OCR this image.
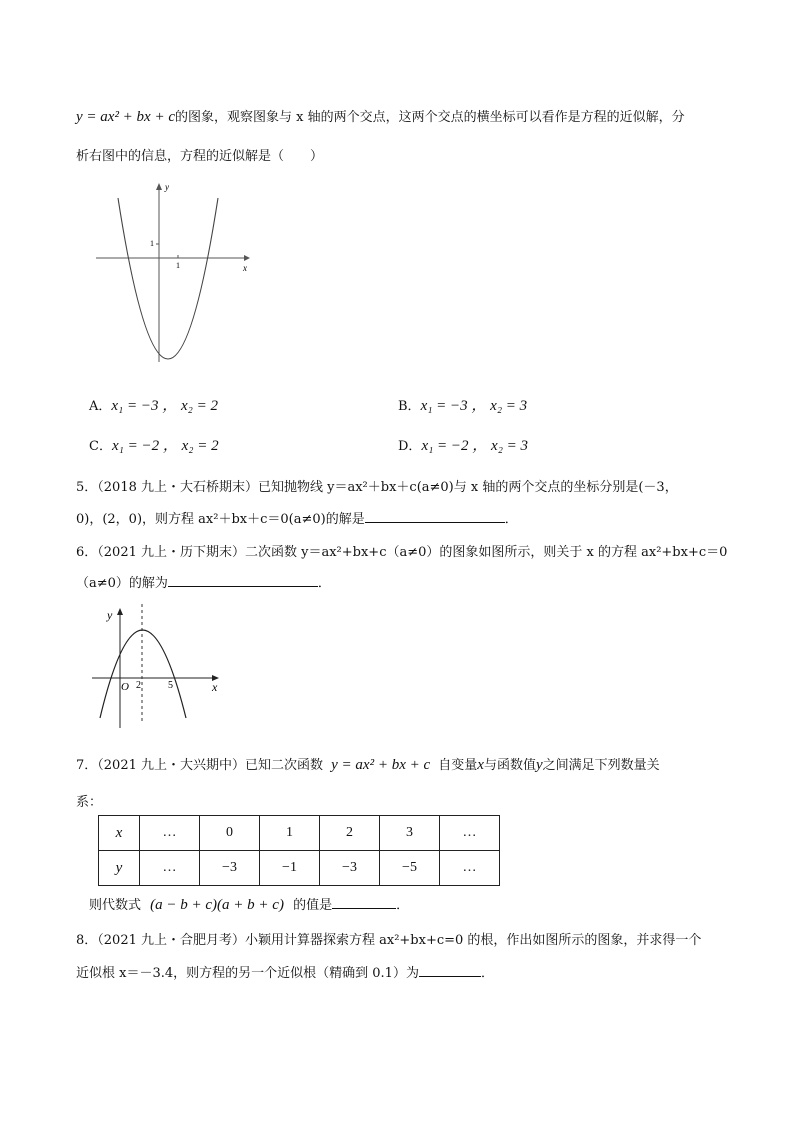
y = ax² + bx + c的图象，观察图象与 x 轴的两个交点，这两个交点的横坐标可以看作是方程的近似解，分
析右图中的信息，方程的近似解是（　　）
y
x
1
1
A．x₁ = −3 ， x₂ = 2	B．x₁ = −3 ， x₂ = 3
C．x₁ = −2 ， x₂ = 2	D．x₁ = −2 ， x₂ = 3
5．（2018 九上・大石桥期末）已知抛物线 y＝ax²＋bx＋c(a≠0)与 x 轴的两个交点的坐标分别是(－3，
0)，(2，0)，则方程 ax²＋bx＋c＝0(a≠0)的解是	．
6．（2021 九上・历下期末）二次函数 y＝ax²+bx+c（a≠0）的图象如图所示，则关于 x 的方程 ax²+bx+c＝0
（a≠0）的解为	．
y
x
O 2	5
7．（2021 九上・大兴期中）已知二次函数 y = ax² + bx + c 自变量x与函数值y之间满足下列数量关
系：
x	…	0	1	2	3	…
y	…	−3	−1	−3	−5	…
则代数式 (a − b + c)(a + b + c) 的值是	．
8．（2021 九上・合肥月考）小颖用计算器探索方程 ax²+bx+c=0 的根，作出如图所示的图象，并求得一个
近似根 x＝－3.4，则方程的另一个近似根（精确到 0.1）为	．
